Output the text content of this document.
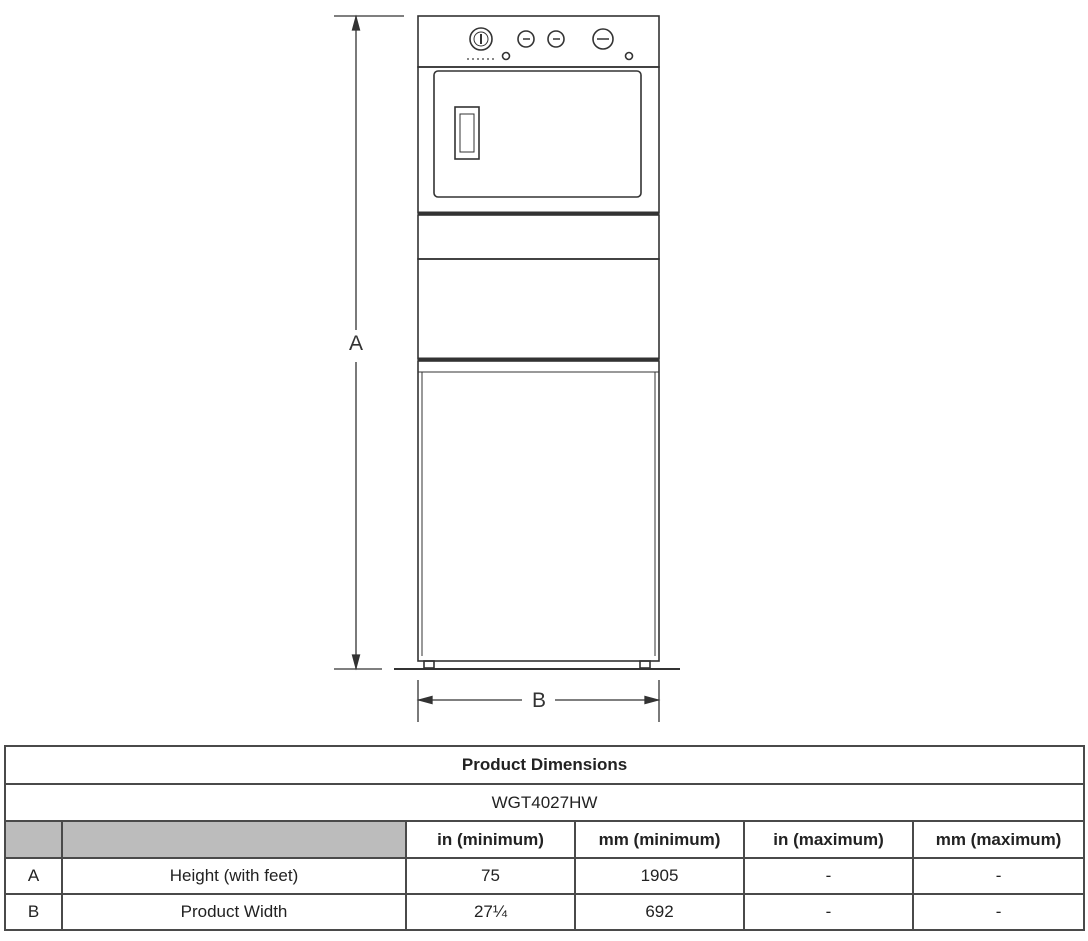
A
B
Product Dimensions					
WGT4027HW					
		in (minimum)	mm (minimum)	in (maximum)	mm (maximum)
A	Height (with feet)	75	1905	-	-
B	Product Width	27¼	692	-	-
